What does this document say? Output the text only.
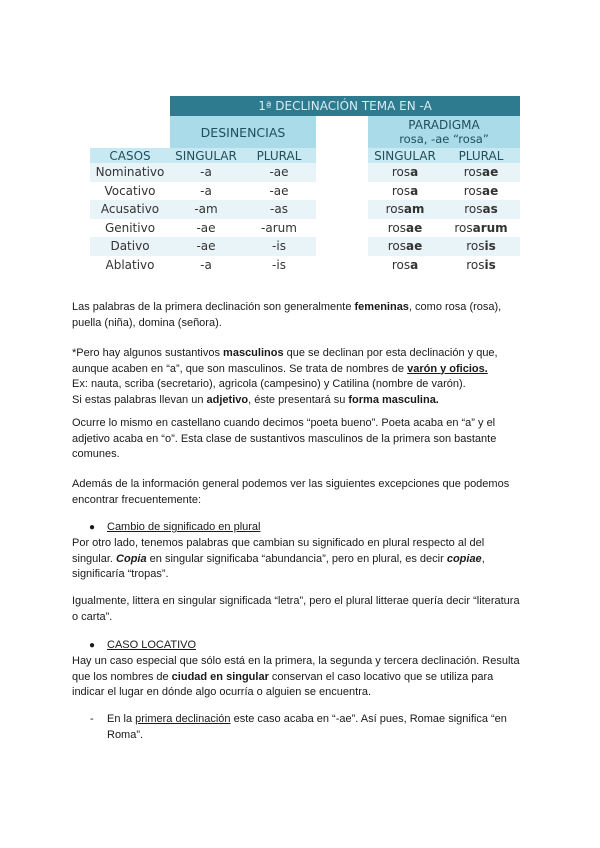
1ª DECLINACIÓN TEMA EN -A
DESINENCIAS	PARADIGMA
rosa, -ae “rosa”
CASOS	SINGULAR	PLURAL	SINGULAR	PLURAL
Nominativo	-a	-ae	ros a	ros ae
Vocativo	-a	-ae	ros a	ros ae
Acusativo	-am	-as	ros am	ros as
Genitivo	-ae	-arum	ros ae	ros arum
Dativo	-ae	-is	ros ae	ros is
Ablativo	-a	-is	ros a	ros is
Las palabras de la primera declinación son generalmente femeninas, como rosa (rosa),
puella (niña), domina (señora).
*Pero hay algunos sustantivos masculinos que se declinan por esta declinación y que,
aunque acaben en “a”, que son masculinos. Se trata de nombres de varón y oficios.
Ex: nauta, scriba (secretario), agricola (campesino) y Catilina (nombre de varón).
Si estas palabras llevan un adjetivo, éste presentará su forma masculina.
Ocurre lo mismo en castellano cuando decimos “poeta bueno”. Poeta acaba en “a” y el
adjetivo acaba en “o”. Esta clase de sustantivos masculinos de la primera son bastante
comunes.
Además de la información general podemos ver las siguientes excepciones que podemos
encontrar frecuentemente:
● Cambio de significado en plural
Por otro lado, tenemos palabras que cambian su significado en plural respecto al del
singular. Copia en singular significaba “abundancia”, pero en plural, es decir copiae,
significaría “tropas”.
Igualmente, littera en singular significada “letra”, pero el plural litterae quería decir “literatura
o carta”.
● CASO LOCATIVO
Hay un caso especial que sólo está en la primera, la segunda y tercera declinación. Resulta
que los nombres de ciudad en singular conservan el caso locativo que se utiliza para
indicar el lugar en dónde algo ocurría o alguien se encuentra.
- En la primera declinación este caso acaba en “-ae”. Así pues, Romae significa “en
Roma”.
